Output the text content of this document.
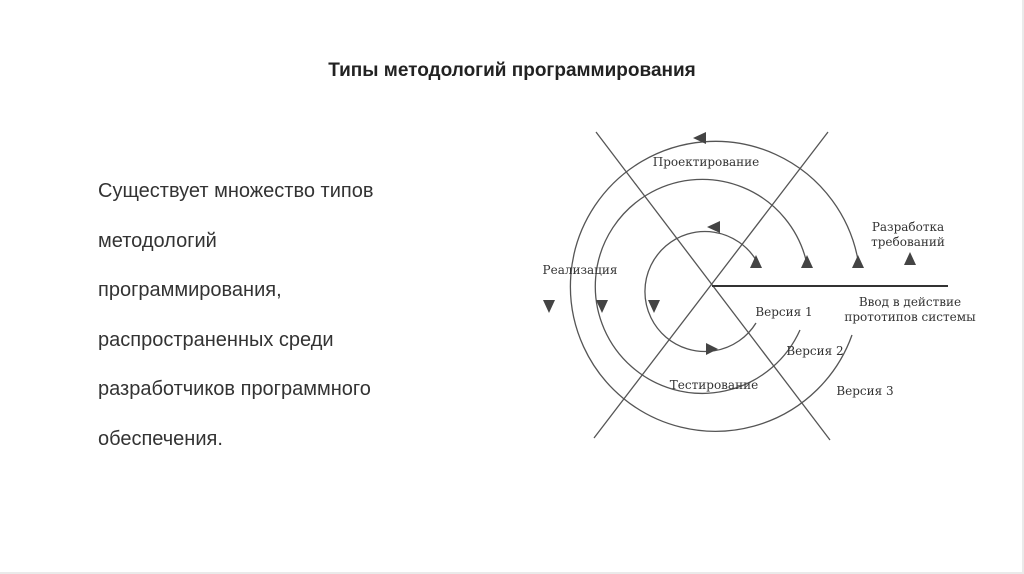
Типы методологий программирования
Существует множество типов
методологий
программирования,
распространенных среди
разработчиков программного
обеспечения.
Проектирование
Реализация
Тестирование
Разработка
требований
Ввод в действие
прототипов системы
Версия 1
Версия 2
Версия 3
